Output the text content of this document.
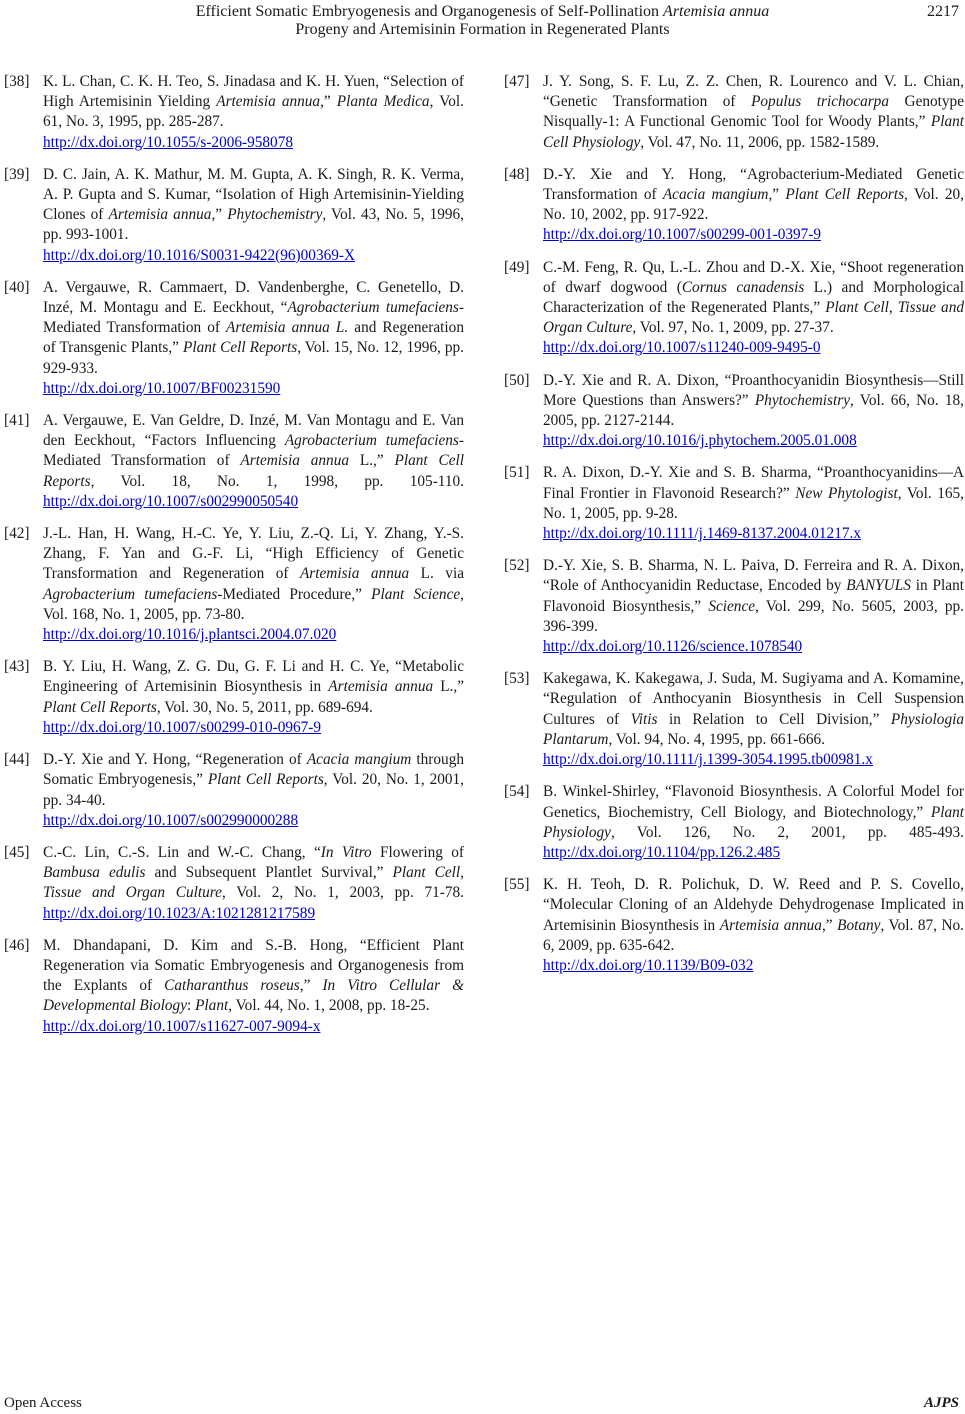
Efficient Somatic Embryogenesis and Organogenesis of Self-Pollination Artemisia annua
Progeny and Artemisinin Formation in Regenerated Plants
2217
[38] K. L. Chan, C. K. H. Teo, S. Jinadasa and K. H. Yuen, “Selection of High Artemisinin Yielding Artemisia annua,” Planta Medica, Vol. 61, No. 3, 1995, pp. 285-287.
http://dx.doi.org/10.1055/s-2006-958078
[39] D. C. Jain, A. K. Mathur, M. M. Gupta, A. K. Singh, R. K. Verma, A. P. Gupta and S. Kumar, “Isolation of High Artemisinin-Yielding Clones of Artemisia annua,” Phytochemistry, Vol. 43, No. 5, 1996, pp. 993-1001.
http://dx.doi.org/10.1016/S0031-9422(96)00369-X
[40] A. Vergauwe, R. Cammaert, D. Vandenberghe, C. Genetello, D. Inzé, M. Montagu and E. Eeckhout, “Agrobacterium tumefaciens-Mediated Transformation of Artemisia annua L. and Regeneration of Transgenic Plants,” Plant Cell Reports, Vol. 15, No. 12, 1996, pp. 929-933.
http://dx.doi.org/10.1007/BF00231590
[41] A. Vergauwe, E. Van Geldre, D. Inzé, M. Van Montagu and E. Van den Eeckhout, “Factors Influencing Agrobacterium tumefaciens-Mediated Transformation of Artemisia annua L.,” Plant Cell Reports, Vol. 18, No. 1, 1998, pp. 105-110. http://dx.doi.org/10.1007/s002990050540
[42] J.-L. Han, H. Wang, H.-C. Ye, Y. Liu, Z.-Q. Li, Y. Zhang, Y.-S. Zhang, F. Yan and G.-F. Li, “High Efficiency of Genetic Transformation and Regeneration of Artemisia annua L. via Agrobacterium tumefaciens-Mediated Procedure,” Plant Science, Vol. 168, No. 1, 2005, pp. 73-80.
http://dx.doi.org/10.1016/j.plantsci.2004.07.020
[43] B. Y. Liu, H. Wang, Z. G. Du, G. F. Li and H. C. Ye, “Metabolic Engineering of Artemisinin Biosynthesis in Artemisia annua L.,” Plant Cell Reports, Vol. 30, No. 5, 2011, pp. 689-694.
http://dx.doi.org/10.1007/s00299-010-0967-9
[44] D.-Y. Xie and Y. Hong, “Regeneration of Acacia mangium through Somatic Embryogenesis,” Plant Cell Reports, Vol. 20, No. 1, 2001, pp. 34-40.
http://dx.doi.org/10.1007/s002990000288
[45] C.-C. Lin, C.-S. Lin and W.-C. Chang, “In Vitro Flowering of Bambusa edulis and Subsequent Plantlet Survival,” Plant Cell, Tissue and Organ Culture, Vol. 2, No. 1, 2003, pp. 71-78. http://dx.doi.org/10.1023/A:1021281217589
[46] M. Dhandapani, D. Kim and S.-B. Hong, “Efficient Plant Regeneration via Somatic Embryogenesis and Organogenesis from the Explants of Catharanthus roseus,” In Vitro Cellular & Developmental Biology: Plant, Vol. 44, No. 1, 2008, pp. 18-25.
http://dx.doi.org/10.1007/s11627-007-9094-x
[47] J. Y. Song, S. F. Lu, Z. Z. Chen, R. Lourenco and V. L. Chian, “Genetic Transformation of Populus trichocarpa Genotype Nisqually-1: A Functional Genomic Tool for Woody Plants,” Plant Cell Physiology, Vol. 47, No. 11, 2006, pp. 1582-1589.
[48] D.-Y. Xie and Y. Hong, “Agrobacterium-Mediated Genetic Transformation of Acacia mangium,” Plant Cell Reports, Vol. 20, No. 10, 2002, pp. 917-922.
http://dx.doi.org/10.1007/s00299-001-0397-9
[49] C.-M. Feng, R. Qu, L.-L. Zhou and D.-X. Xie, “Shoot regeneration of dwarf dogwood (Cornus canadensis L.) and Morphological Characterization of the Regenerated Plants,” Plant Cell, Tissue and Organ Culture, Vol. 97, No. 1, 2009, pp. 27-37.
http://dx.doi.org/10.1007/s11240-009-9495-0
[50] D.-Y. Xie and R. A. Dixon, “Proanthocyanidin Biosynthesis—Still More Questions than Answers?” Phytochemistry, Vol. 66, No. 18, 2005, pp. 2127-2144.
http://dx.doi.org/10.1016/j.phytochem.2005.01.008
[51] R. A. Dixon, D.-Y. Xie and S. B. Sharma, “Proanthocyanidins—A Final Frontier in Flavonoid Research?” New Phytologist, Vol. 165, No. 1, 2005, pp. 9-28.
http://dx.doi.org/10.1111/j.1469-8137.2004.01217.x
[52] D.-Y. Xie, S. B. Sharma, N. L. Paiva, D. Ferreira and R. A. Dixon, “Role of Anthocyanidin Reductase, Encoded by BANYULS in Plant Flavonoid Biosynthesis,” Science, Vol. 299, No. 5605, 2003, pp. 396-399.
http://dx.doi.org/10.1126/science.1078540
[53] Kakegawa, K. Kakegawa, J. Suda, M. Sugiyama and A. Komamine, “Regulation of Anthocyanin Biosynthesis in Cell Suspension Cultures of Vitis in Relation to Cell Division,” Physiologia Plantarum, Vol. 94, No. 4, 1995, pp. 661-666.
http://dx.doi.org/10.1111/j.1399-3054.1995.tb00981.x
[54] B. Winkel-Shirley, “Flavonoid Biosynthesis. A Colorful Model for Genetics, Biochemistry, Cell Biology, and Biotechnology,” Plant Physiology, Vol. 126, No. 2, 2001, pp. 485-493. http://dx.doi.org/10.1104/pp.126.2.485
[55] K. H. Teoh, D. R. Polichuk, D. W. Reed and P. S. Covello, “Molecular Cloning of an Aldehyde Dehydrogenase Implicated in Artemisinin Biosynthesis in Artemisia annua,” Botany, Vol. 87, No. 6, 2009, pp. 635-642.
http://dx.doi.org/10.1139/B09-032
Open Access	AJPS
